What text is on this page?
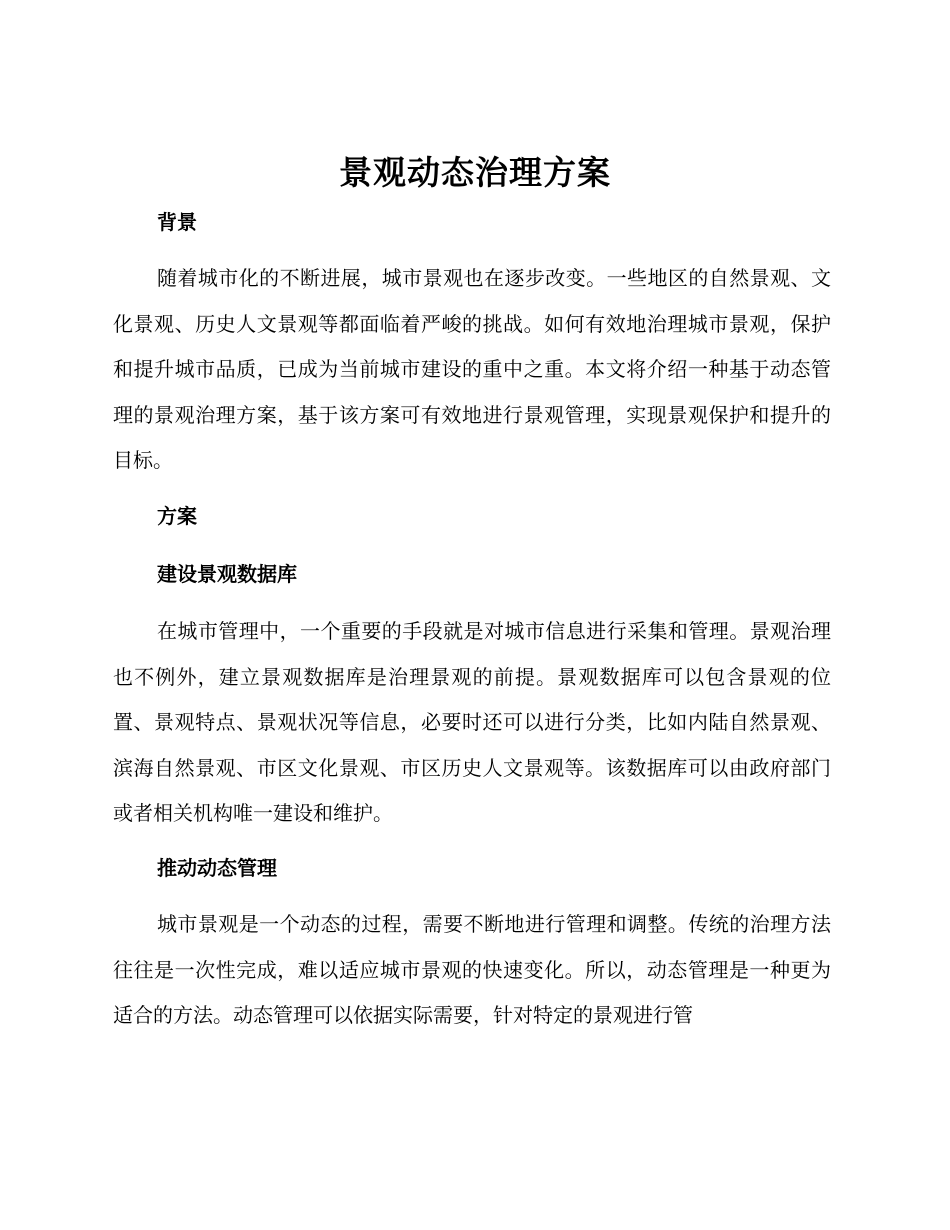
景观动态治理方案
背景

随着城市化的不断进展，城市景观也在逐步改变。一些地区的自然景观、文化景观、历史人文景观等都面临着严峻的挑战。如何有效地治理城市景观，保护和提升城市品质，已成为当前城市建设的重中之重。本文将介绍一种基于动态管理的景观治理方案，基于该方案可有效地进行景观管理，实现景观保护和提升的目标。

方案
建设景观数据库

在城市管理中，一个重要的手段就是对城市信息进行采集和管理。景观治理也不例外，建立景观数据库是治理景观的前提。景观数据库可以包含景观的位置、景观特点、景观状况等信息，必要时还可以进行分类，比如内陆自然景观、滨海自然景观、市区文化景观、市区历史人文景观等。该数据库可以由政府部门或者相关机构唯一建设和维护。

推动动态管理

城市景观是一个动态的过程，需要不断地进行管理和调整。传统的治理方法往往是一次性完成，难以适应城市景观的快速变化。所以，动态管理是一种更为适合的方法。动态管理可以依据实际需要，针对特定的景观进行管
